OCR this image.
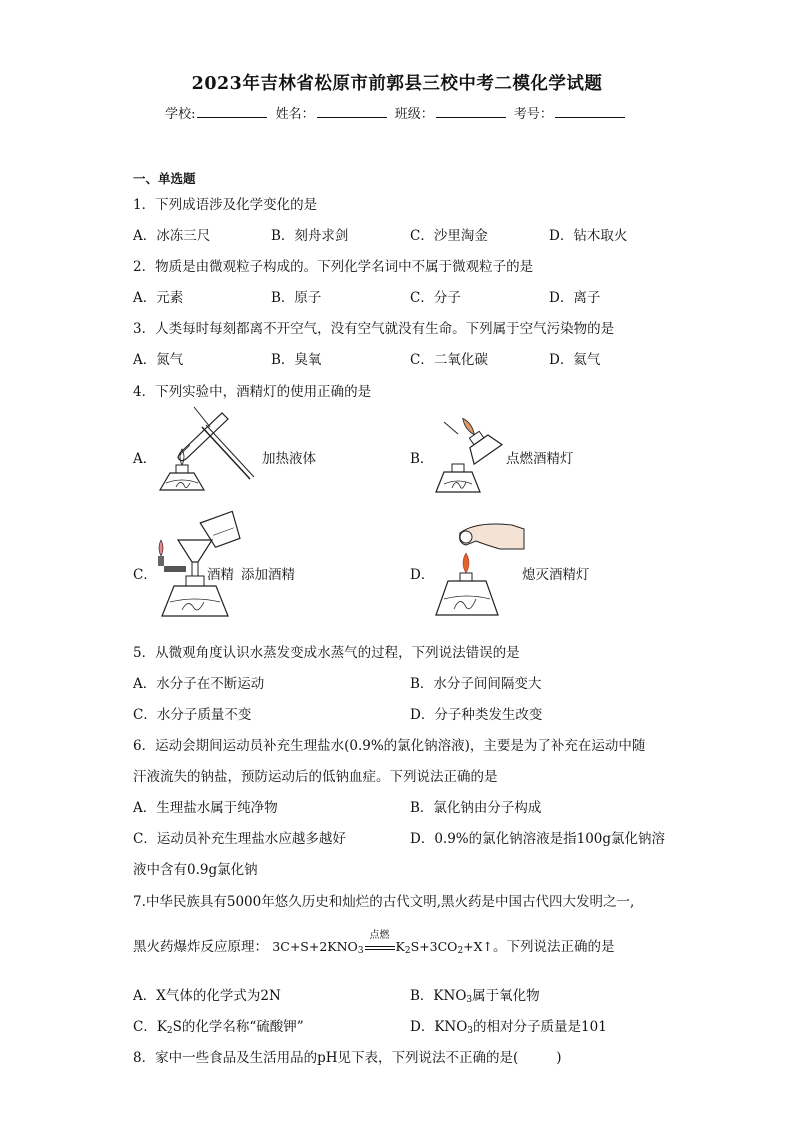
2023年吉林省松原市前郭县三校中考二模化学试题
学校:	姓名：	班级：	考号：
一、单选题
1．下列成语涉及化学变化的是
A．冰冻三尺	B．刻舟求剑	C．沙里淘金	D．钻木取火
2．物质是由微观粒子构成的。下列化学名词中不属于微观粒子的是
A．元素	B．原子	C．分子	D．离子
3．人类每时每刻都离不开空气，没有空气就没有生命。下列属于空气污染物的是
A．氮气	B．臭氧	C．二氧化碳	D．氦气
4．下列实验中，酒精灯的使用正确的是
A．	加热液体	B．	点燃酒精灯
C．	酒精 添加酒精	D．	熄灭酒精灯
5．从微观角度认识水蒸发变成水蒸气的过程，下列说法错误的是
A．水分子在不断运动	B．水分子间间隔变大
C．水分子质量不变	D．分子种类发生改变
6．运动会期间运动员补充生理盐水(0.9%的氯化钠溶液)，主要是为了补充在运动中随
汗液流失的钠盐，预防运动后的低钠血症。下列说法正确的是
A．生理盐水属于纯净物	B．氯化钠由分子构成
C．运动员补充生理盐水应越多越好	D．0.9%的氯化钠溶液是指100g氯化钠溶
液中含有0.9g氯化钠
7.中华民族具有5000年悠久历史和灿烂的古代文明,黑火药是中国古代四大发明之一,
黑火药爆炸反应原理： $3C+S+2KNO_3$
点燃
$K_2S+3CO_2+X↑$。下列说法正确的是
A．X气体的化学式为2N	B．$KNO_3$属于氧化物
C．$K_2S$的化学名称“硫酸钾”	D．$KNO_3$的相对分子质量是101
8．家中一些食品及生活用品的pH见下表，下列说法不正确的是(	)
